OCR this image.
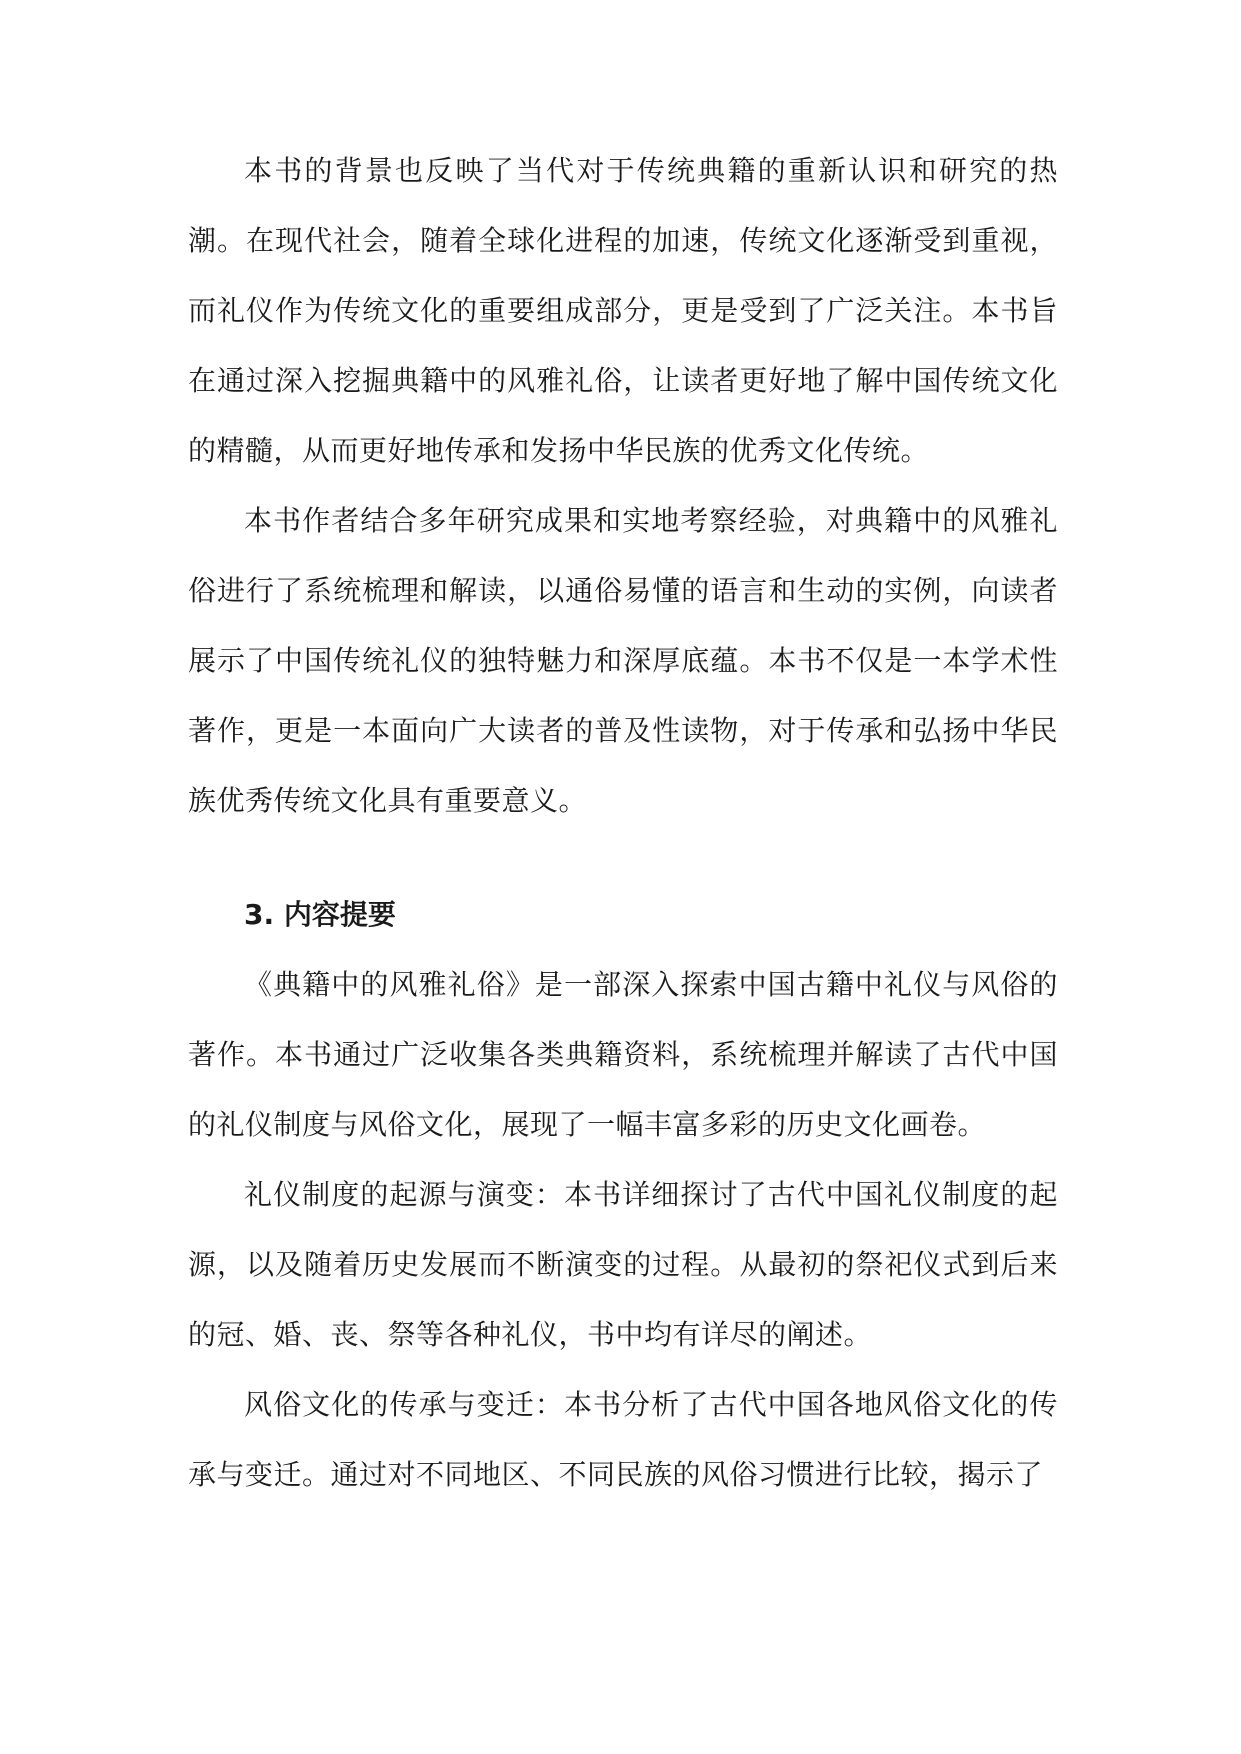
本书的背景也反映了当代对于传统典籍的重新认识和研究的热潮。在现代社会，随着全球化进程的加速，传统文化逐渐受到重视，而礼仪作为传统文化的重要组成部分，更是受到了广泛关注。本书旨在通过深入挖掘典籍中的风雅礼俗，让读者更好地了解中国传统文化的精髓，从而更好地传承和发扬中华民族的优秀文化传统。

本书作者结合多年研究成果和实地考察经验，对典籍中的风雅礼俗进行了系统梳理和解读，以通俗易懂的语言和生动的实例，向读者展示了中国传统礼仪的独特魅力和深厚底蕴。本书不仅是一本学术性著作，更是一本面向广大读者的普及性读物，对于传承和弘扬中华民族优秀传统文化具有重要意义。

3. 内容提要

《典籍中的风雅礼俗》是一部深入探索中国古籍中礼仪与风俗的著作。本书通过广泛收集各类典籍资料，系统梳理并解读了古代中国的礼仪制度与风俗文化，展现了一幅丰富多彩的历史文化画卷。

礼仪制度的起源与演变：本书详细探讨了古代中国礼仪制度的起源，以及随着历史发展而不断演变的过程。从最初的祭祀仪式到后来的冠、婚、丧、祭等各种礼仪，书中均有详尽的阐述。

风俗文化的传承与变迁：本书分析了古代中国各地风俗文化的传承与变迁。通过对不同地区、不同民族的风俗习惯进行比较，揭示了
